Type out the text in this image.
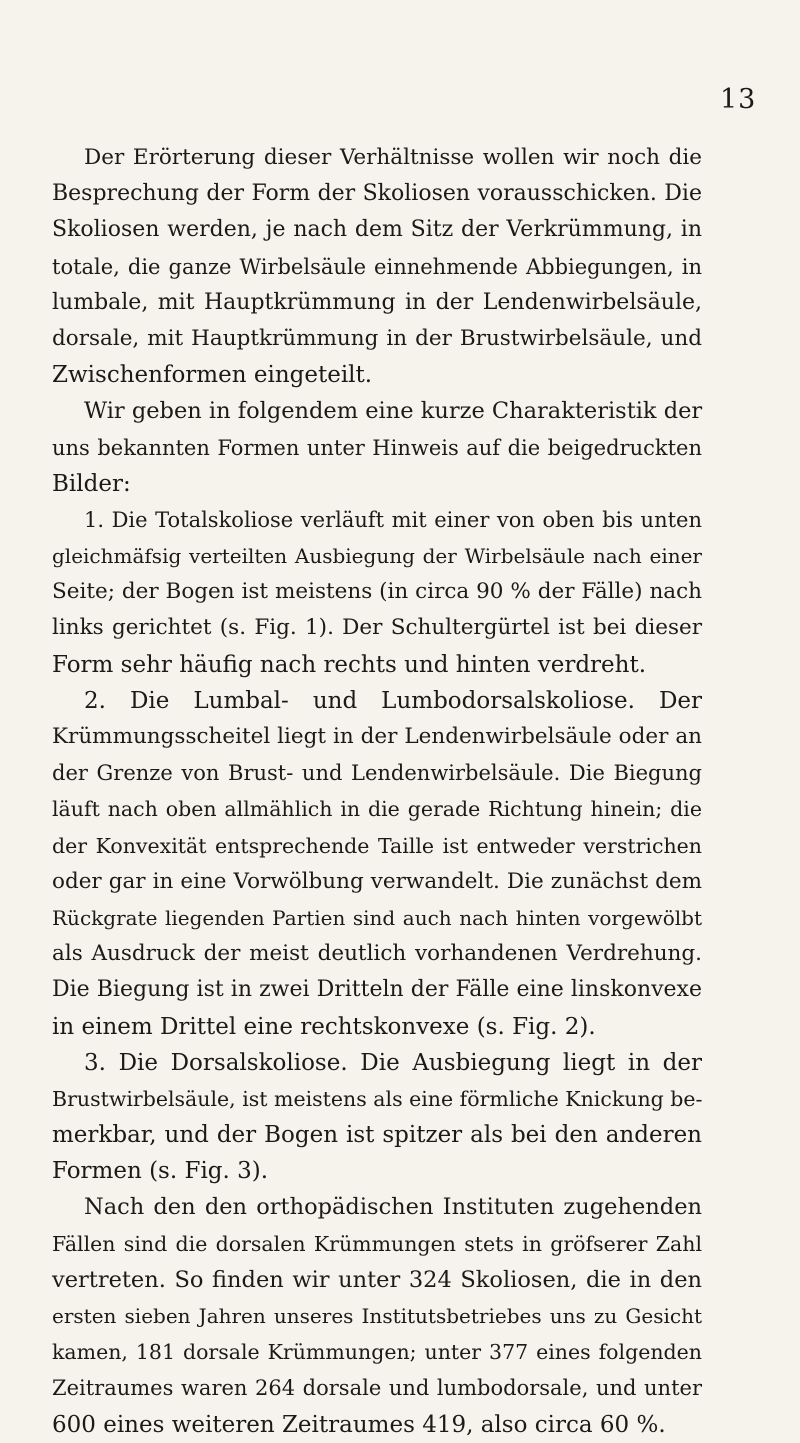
13
Der Erörterung dieser Verhältnisse wollen wir noch die
Besprechung der Form der Skoliosen vorausschicken. Die
Skoliosen werden, je nach dem Sitz der Verkrümmung, in
totale, die ganze Wirbelsäule einnehmende Abbiegungen, in
lumbale, mit Hauptkrümmung in der Lendenwirbelsäule,
dorsale, mit Hauptkrümmung in der Brustwirbelsäule, und
Zwischenformen eingeteilt.
Wir geben in folgendem eine kurze Charakteristik der
uns bekannten Formen unter Hinweis auf die beigedruckten
Bilder:
1. Die Totalskoliose verläuft mit einer von oben bis unten
gleichmäfsig verteilten Ausbiegung der Wirbelsäule nach einer
Seite; der Bogen ist meistens (in circa 90 % der Fälle) nach
links gerichtet (s. Fig. 1). Der Schultergürtel ist bei dieser
Form sehr häufig nach rechts und hinten verdreht.
2. Die Lumbal- und Lumbodorsalskoliose. Der
Krümmungsscheitel liegt in der Lendenwirbelsäule oder an
der Grenze von Brust- und Lendenwirbelsäule. Die Biegung
läuft nach oben allmählich in die gerade Richtung hinein; die
der Konvexität entsprechende Taille ist entweder verstrichen
oder gar in eine Vorwölbung verwandelt. Die zunächst dem
Rückgrate liegenden Partien sind auch nach hinten vorgewölbt
als Ausdruck der meist deutlich vorhandenen Verdrehung.
Die Biegung ist in zwei Dritteln der Fälle eine linskonvexe
in einem Drittel eine rechtskonvexe (s. Fig. 2).
3. Die Dorsalskoliose. Die Ausbiegung liegt in der
Brustwirbelsäule, ist meistens als eine förmliche Knickung be-
merkbar, und der Bogen ist spitzer als bei den anderen
Formen (s. Fig. 3).
Nach den den orthopädischen Instituten zugehenden
Fällen sind die dorsalen Krümmungen stets in gröfserer Zahl
vertreten. So finden wir unter 324 Skoliosen, die in den
ersten sieben Jahren unseres Institutsbetriebes uns zu Gesicht
kamen, 181 dorsale Krümmungen; unter 377 eines folgenden
Zeitraumes waren 264 dorsale und lumbodorsale, und unter
600 eines weiteren Zeitraumes 419, also circa 60 %.
